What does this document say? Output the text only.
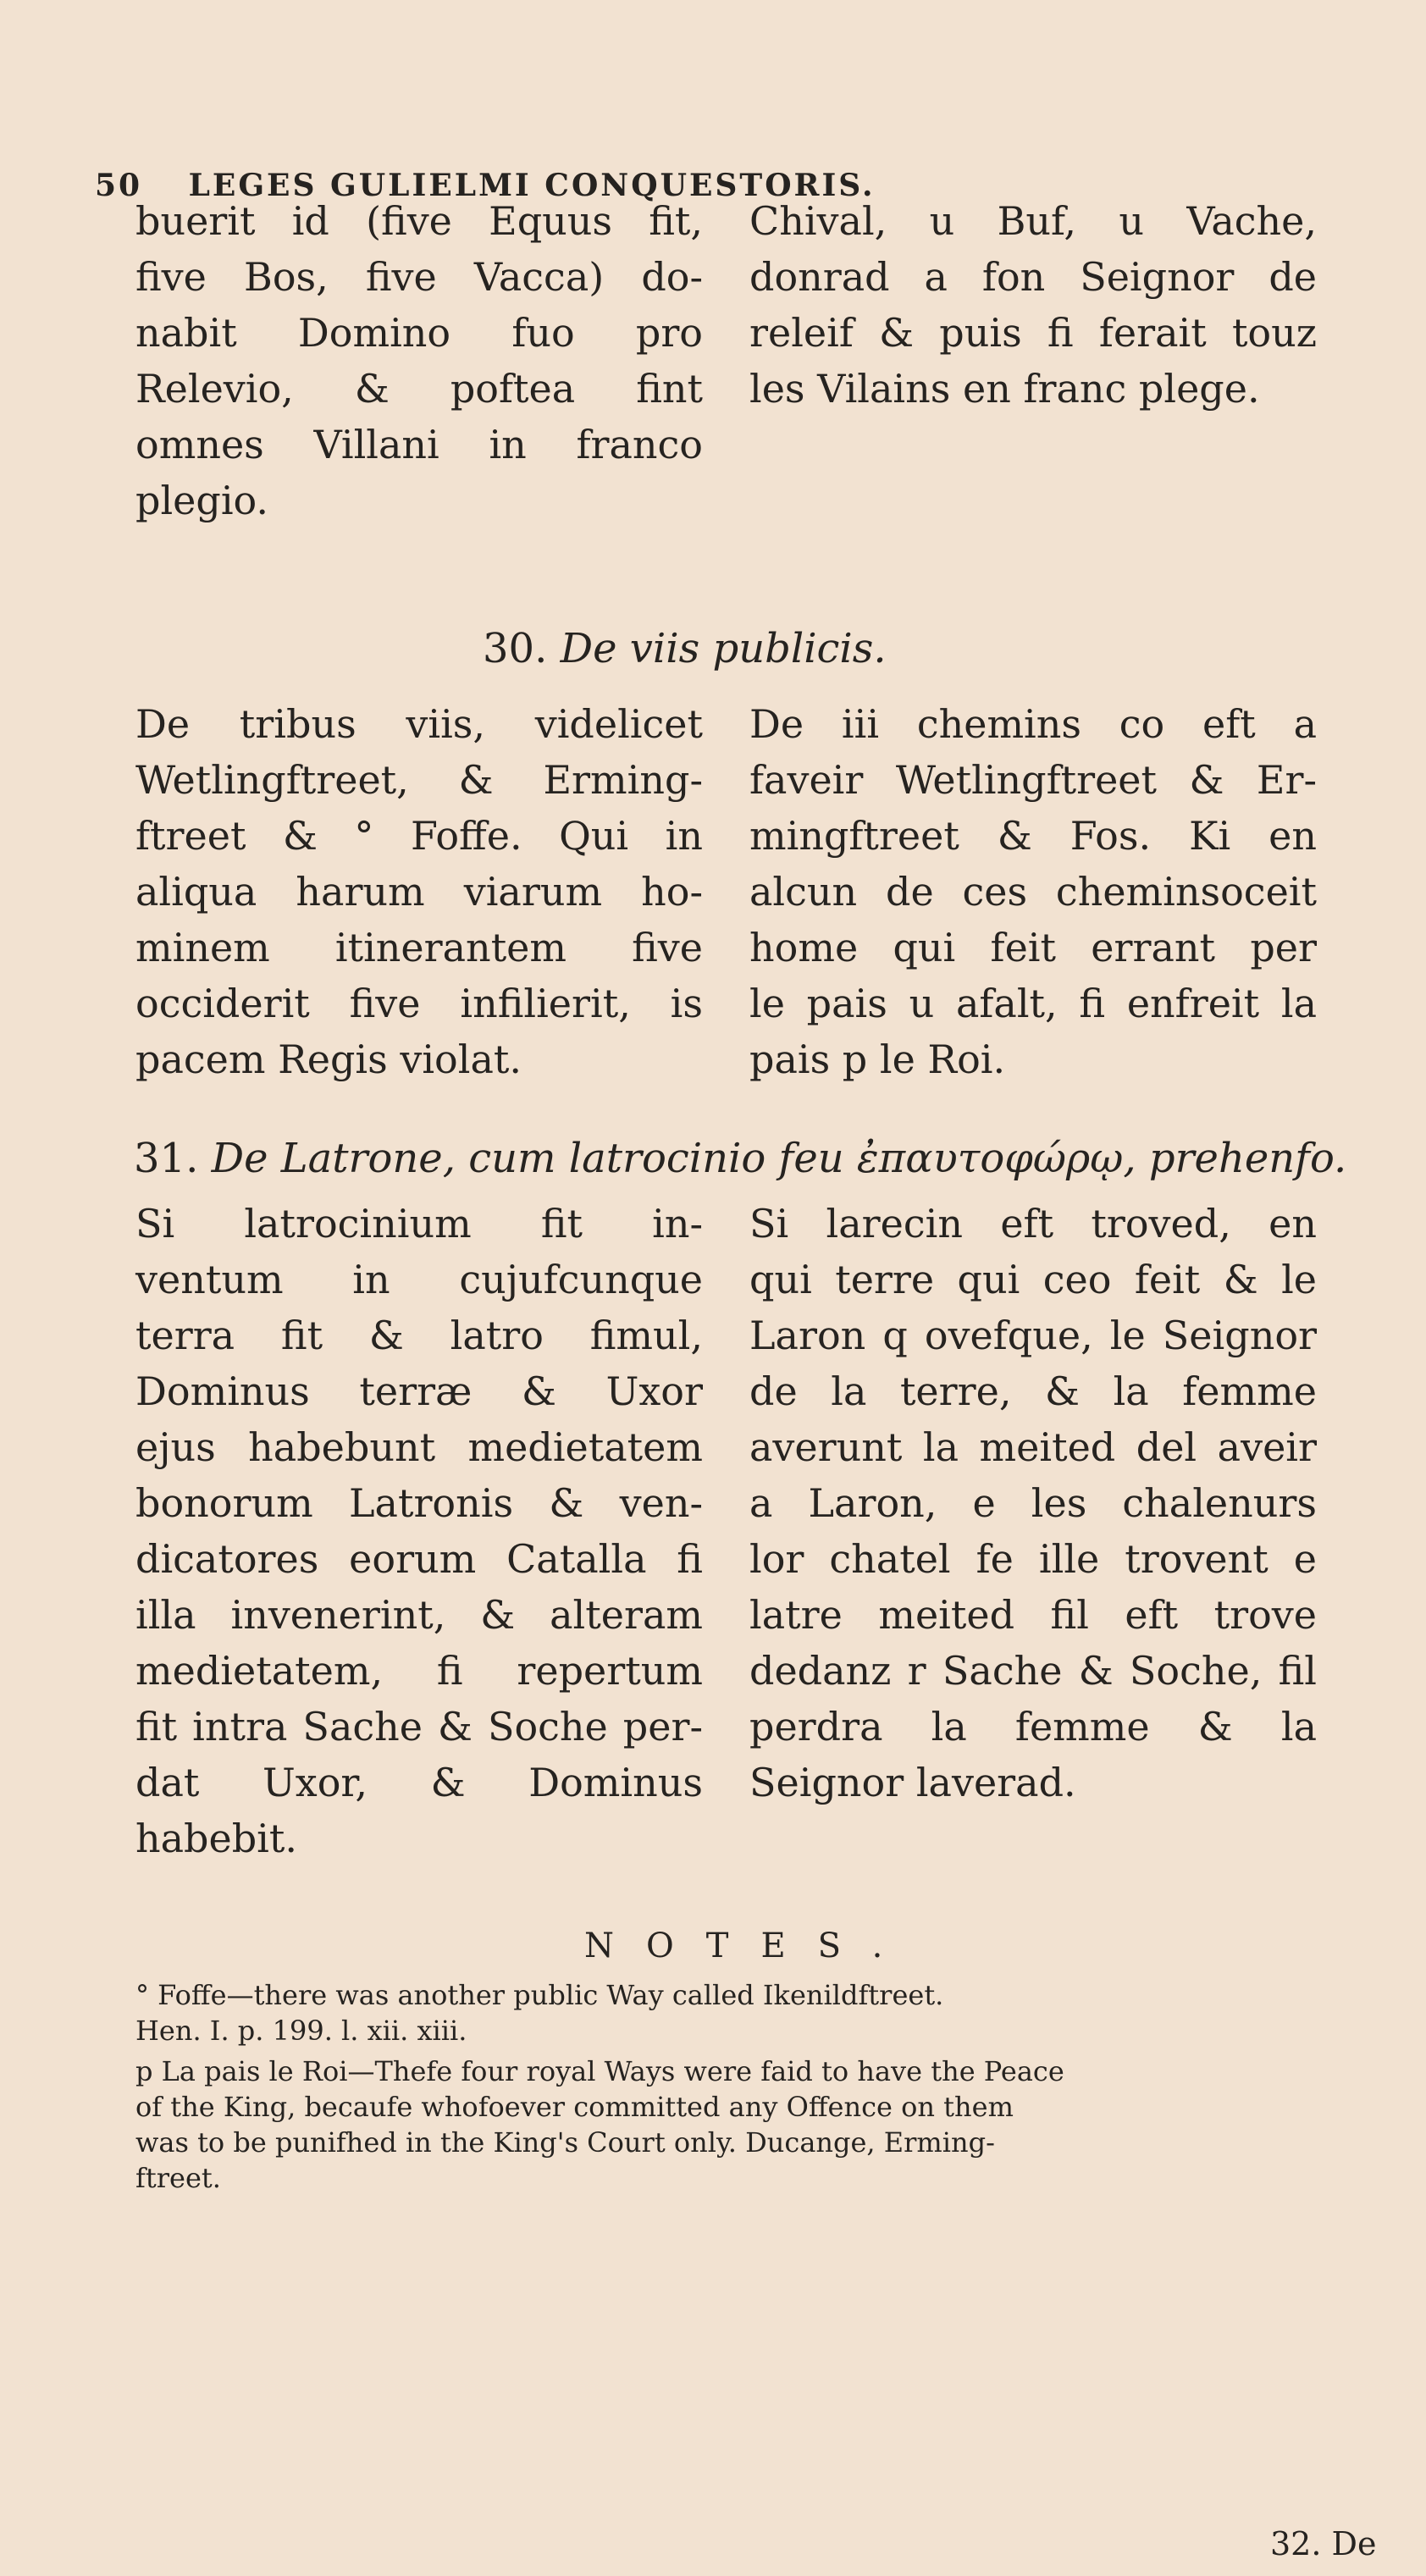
50 LEGES GULIELMI CONQUESTORIS.
buerit id (five Equus fit,
five Bos, five Vacca) do-
nabit Domino fuo pro
Relevio, & poftea fint
omnes Villani in franco
plegio.
Chival, u Buf, u Vache,
donrad a fon Seignor de
releif & puis fi ferait touz
les Vilains en franc plege.
30. De viis publicis.
De tribus viis, videlicet
Wetlingftreet, & Erming-
ftreet & ° Foffe. Qui in
aliqua harum viarum ho-
minem itinerantem five
occiderit five infilierit, is
pacem Regis violat.
De iii chemins co eft a
faveir Wetlingftreet & Er-
mingftreet & Fos. Ki en
alcun de ces cheminsoceit
home qui feit errant per
le pais u afalt, fi enfreit la
pais p le Roi.
31. De Latrone, cum latrocinio feu ἐπαυτοφώρῳ, prehenfo.
Si latrocinium fit in-
ventum in cujufcunque
terra fit & latro fimul,
Dominus terræ & Uxor
ejus habebunt medietatem
bonorum Latronis & ven-
dicatores eorum Catalla fi
illa invenerint, & alteram
medietatem, fi repertum
fit intra Sache & Soche per-
dat Uxor, & Dominus
habebit.
Si larecin eft troved, en
qui terre qui ceo feit & le
Laron q ovefque, le Seignor
de la terre, & la femme
averunt la meited del aveir
a Laron, e les chalenurs
lor chatel fe ille trovent e
latre meited fil eft trove
dedanz r Sache & Soche, fil
perdra la femme & la
Seignor laverad.
NOTES.
° Foffe—there was another public Way called Ikenildftreet.
Hen. I. p. 199. l. xii. xiii.
p La pais le Roi—Thefe four royal Ways were faid to have the Peace
of the King, becaufe whofoever committed any Offence on them
was to be punifhed in the King's Court only. Ducange, Erming-
ftreet.
32. De
